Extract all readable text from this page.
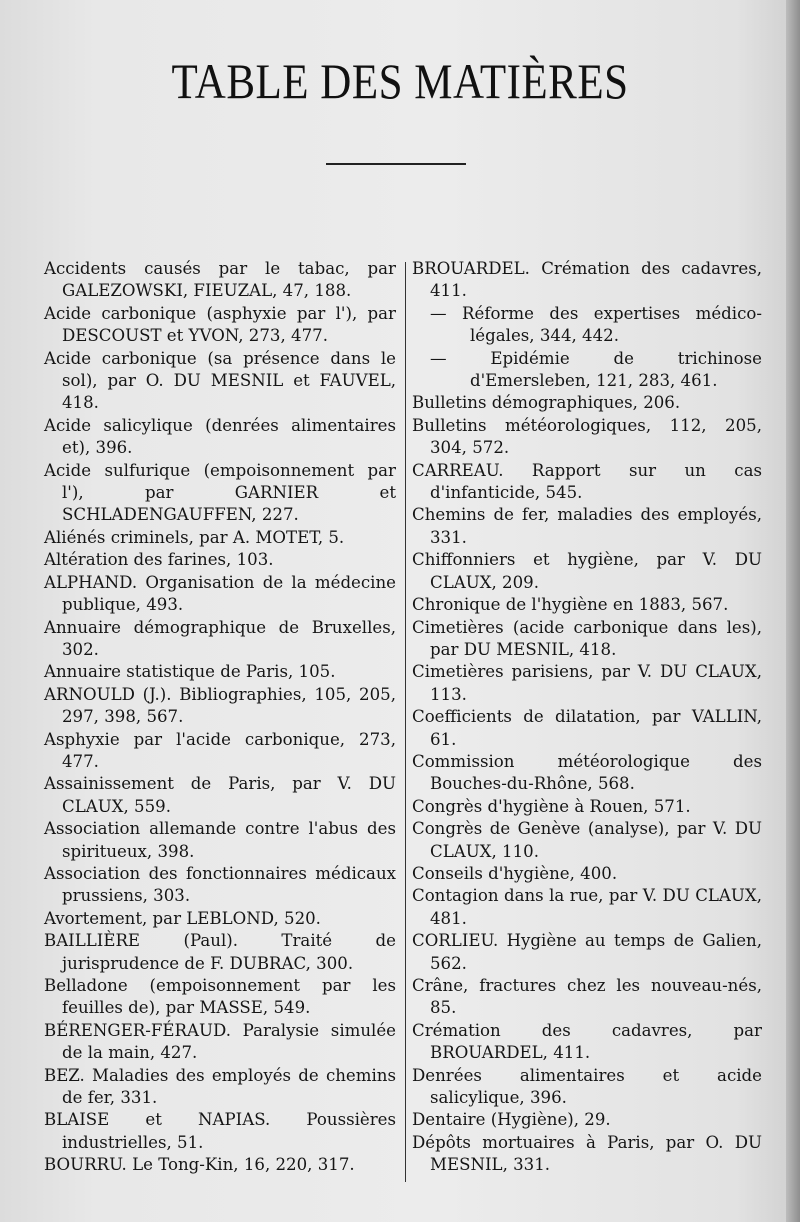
TABLE DES MATIÈRES
Accidents causés par le tabac, par GALEZOWSKI, FIEUZAL, 47, 188.
Acide carbonique (asphyxie par l'), par DESCOUST et YVON, 273, 477.
Acide carbonique (sa présence dans le sol), par O. DU MESNIL et FAUVEL, 418.
Acide salicylique (denrées alimentaires et), 396.
Acide sulfurique (empoisonnement par l'), par GARNIER et SCHLADENGAUFFEN, 227.
Aliénés criminels, par A. MOTET, 5.
Altération des farines, 103.
ALPHAND. Organisation de la médecine publique, 493.
Annuaire démographique de Bruxelles, 302.
Annuaire statistique de Paris, 105.
ARNOULD (J.). Bibliographies, 105, 205, 297, 398, 567.
Asphyxie par l'acide carbonique, 273, 477.
Assainissement de Paris, par V. DU CLAUX, 559.
Association allemande contre l'abus des spiritueux, 398.
Association des fonctionnaires médicaux prussiens, 303.
Avortement, par LEBLOND, 520.
BAILLIÈRE (Paul). Traité de jurisprudence de F. DUBRAC, 300.
Belladone (empoisonnement par les feuilles de), par MASSE, 549.
BÉRENGER-FÉRAUD. Paralysie simulée de la main, 427.
BEZ. Maladies des employés de chemins de fer, 331.
BLAISE et NAPIAS. Poussières industrielles, 51.
BOURRU. Le Tong-Kin, 16, 220, 317.
BROUARDEL. Crémation des cadavres, 411.
— Réforme des expertises médico-légales, 344, 442.
— Epidémie de trichinose d'Emersleben, 121, 283, 461.
Bulletins démographiques, 206.
Bulletins météorologiques, 112, 205, 304, 572.
CARREAU. Rapport sur un cas d'infanticide, 545.
Chemins de fer, maladies des employés, 331.
Chiffonniers et hygiène, par V. DU CLAUX, 209.
Chronique de l'hygiène en 1883, 567.
Cimetières (acide carbonique dans les), par DU MESNIL, 418.
Cimetières parisiens, par V. DU CLAUX, 113.
Coefficients de dilatation, par VALLIN, 61.
Commission météorologique des Bouches-du-Rhône, 568.
Congrès d'hygiène à Rouen, 571.
Congrès de Genève (analyse), par V. DU CLAUX, 110.
Conseils d'hygiène, 400.
Contagion dans la rue, par V. DU CLAUX, 481.
CORLIEU. Hygiène au temps de Galien, 562.
Crâne, fractures chez les nouveau-nés, 85.
Crémation des cadavres, par BROUARDEL, 411.
Denrées alimentaires et acide salicylique, 396.
Dentaire (Hygiène), 29.
Dépôts mortuaires à Paris, par O. DU MESNIL, 331.
